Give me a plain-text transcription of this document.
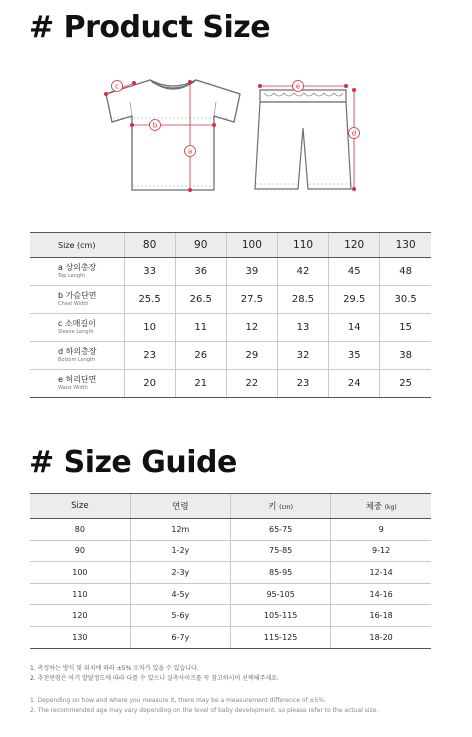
# Product Size
c
b
a
e
d
Size (cm)	80	90	100	110	120	130

a 상의총장
Top Length	33	36	39	42	45	48

b 가슴단면
Chest Width	25.5	26.5	27.5	28.5	29.5	30.5

c 소매길이
Sleeve Length	10	11	12	13	14	15

d 하의총장
Bottom Length	23	26	29	32	35	38

e 허리단면
Waist Width	20	21	22	23	24	25
# Size Guide
Size	연령	키 (cm)	체중 (kg)
80	12m	65-75	9
90	1-2y	75-85	9-12
100	2-3y	85-95	12-14
110	4-5y	95-105	14-16
120	5-6y	105-115	16-18
130	6-7y	115-125	18-20
1. 측정하는 방식 및 위치에 따라 ±5% 오차가 있을 수 있습니다.
2. 추천연령은 아기 발달정도에 따라 다를 수 있으니 실측사이즈를 꼭 참고하시어 선택해주세요.
1. Depending on how and where you measure it, there may be a measurement difference of ±5%.
2. The recommended age may vary depending on the level of baby development, so please refer to the actual size.
